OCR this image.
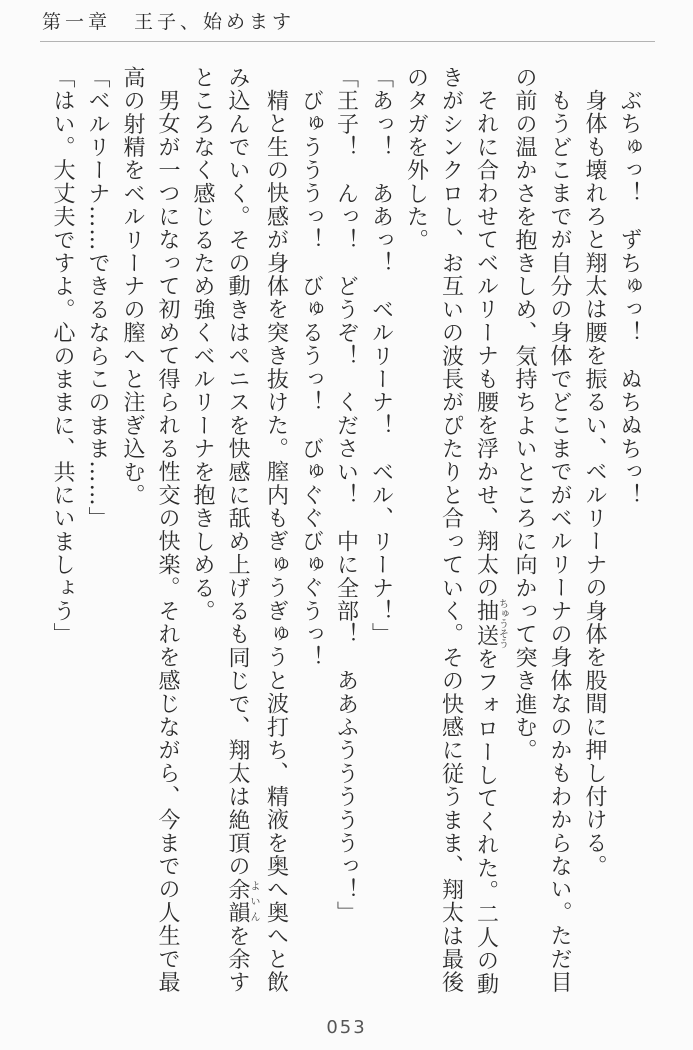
第一章　王子、始めます

ぶちゅっ！　ずちゅっ！　ぬちぬちっ！

身体も壊れろと翔太は腰を振るい、ベルリーナの身体を股間に押し付ける。

もうどこまでが自分の身体でどこまでがベルリーナの身体なのかもわからない。ただ目

の前の温かさを抱きしめ、気持ちよいところに向かって突き進む。

それに合わせてベルリーナも腰を浮かせ、翔太の抽送ちゅうそうをフォローしてくれた。二人の動

きがシンクロし、お互いの波長がぴたりと合っていく。その快感に従うまま、翔太は最後

のタガを外した。

「あっ！　ああっ！　ベルリーナ！　ベル、リーナ！」

「王子！　んっ！　どうぞ！　ください！　中に全部！　ああふうううううっ！」

びゅうううっ！　びゅるうっ！　びゅぐぐびゅぐうっ！

精と生の快感が身体を突き抜けた。膣内もぎゅうぎゅうと波打ち、精液を奥へ奥へと飲

み込んでいく。その動きはペニスを快感に舐め上げるも同じで、翔太は絶頂の余韻よいんを余す

ところなく感じるため強くベルリーナを抱きしめる。

男女が一つになって初めて得られる性交の快楽。それを感じながら、今までの人生で最

高の射精をベルリーナの膣へと注ぎ込む。

「ベルリーナ……できるならこのまま……」

「はい。大丈夫ですよ。心のままに、共にいましょう」

053
